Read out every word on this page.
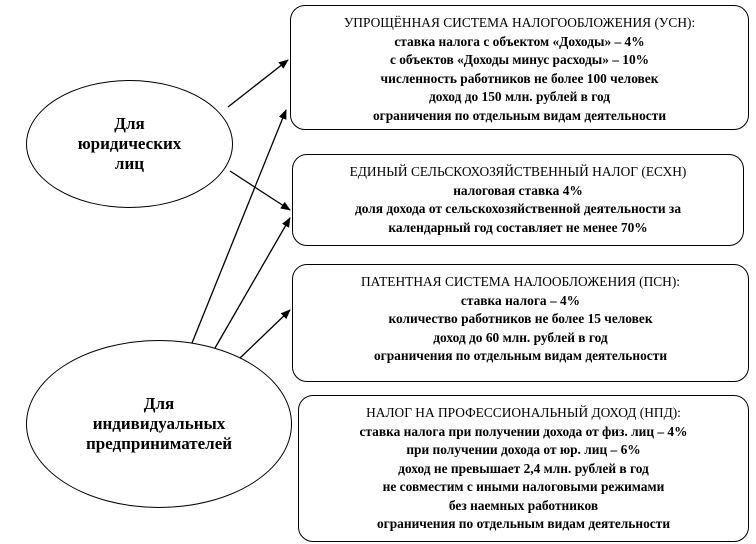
Для
юридических
лиц
Для
индивидуальных
предпринимателей
УПРОЩЁННАЯ СИСТЕМА НАЛОГООБЛОЖЕНИЯ (УСН):
ставка налога с объектом «Доходы» – 4%
с объектов «Доходы минус расходы» – 10%
численность работников не более 100 человек
доход до 150 млн. рублей в год
ограничения по отдельным видам деятельности
ЕДИНЫЙ СЕЛЬСКОХОЗЯЙСТВЕННЫЙ НАЛОГ (ЕСХН)
налоговая ставка 4%
доля дохода от сельскохозяйственной деятельности за
календарный год составляет не менее 70%
ПАТЕНТНАЯ СИСТЕМА НАЛООБЛОЖЕНИЯ (ПСН):
ставка налога – 4%
количество работников не более 15 человек
доход до 60 млн. рублей в год
ограничения по отдельным видам деятельности
НАЛОГ НА ПРОФЕССИОНАЛЬНЫЙ ДОХОД (НПД):
ставка налога при получении дохода от физ. лиц – 4%
при получении дохода от юр. лиц – 6%
доход не превышает 2,4 млн. рублей в год
не совместим с иными налоговыми режимами
без наемных работников
ограничения по отдельным видам деятельности
